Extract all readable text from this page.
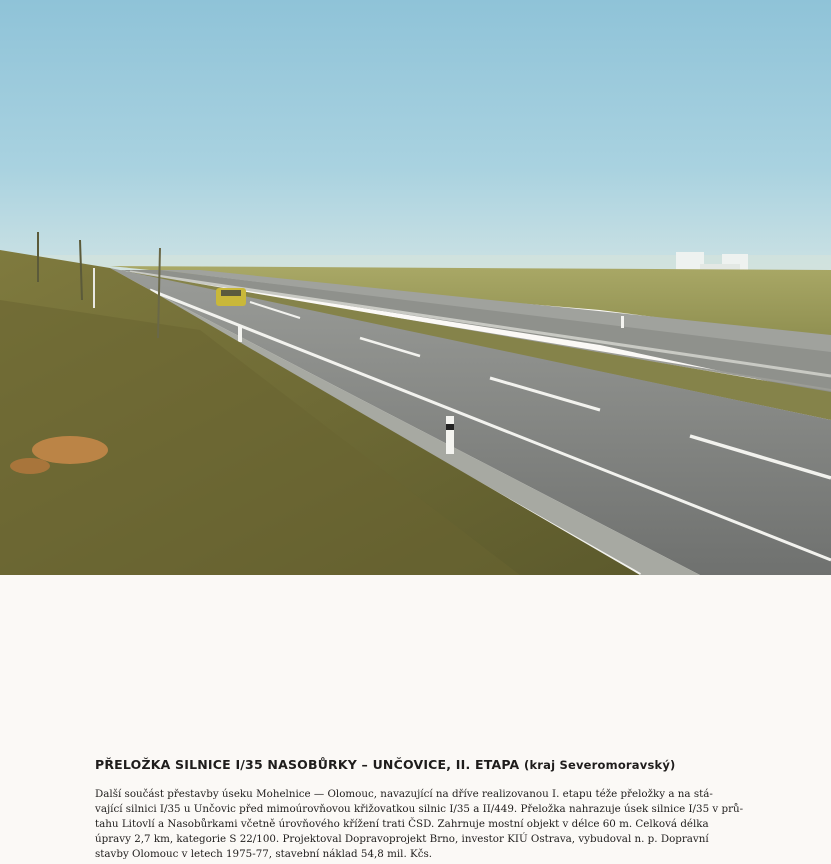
PŘELOŽKA SILNICE I/35 NASOBŮRKY – UNČOVICE, II. ETAPA (kraj Severomoravský)

Další součást přestavby úseku Mohelnice — Olomouc, navazující na dříve realizovanou I. etapu téže přeložky a na stá-
vající silnici I/35 u Unčovic před mimoúrovňovou křižovatkou silnic I/35 a II/449. Přeložka nahrazuje úsek silnice I/35 v prů-
tahu Litovlí a Nasobůrkami včetně úrovňového křížení trati ČSD. Zahrnuje mostní objekt v délce 60 m. Celková délka
úpravy 2,7 km, kategorie S 22/100. Projektoval Dopravoprojekt Brno, investor KIÚ Ostrava, vybudoval n. p. Dopravní
stavby Olomouc v letech 1975-77, stavební náklad 54,8 mil. Kčs.
